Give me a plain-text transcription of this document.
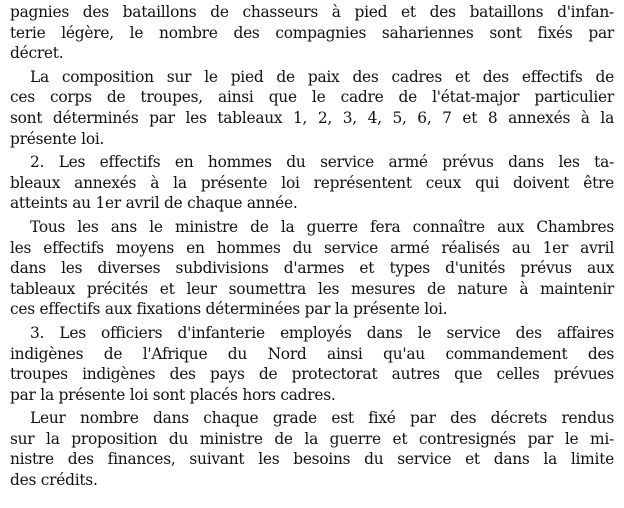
pagnies des bataillons de chasseurs à pied et des bataillons d'infan-
terie légère, le nombre des compagnies sahariennes sont fixés par
décret.

La composition sur le pied de paix des cadres et des effectifs de
ces corps de troupes, ainsi que le cadre de l'état-major particulier
sont déterminés par les tableaux 1, 2, 3, 4, 5, 6, 7 et 8 annexés à la
présente loi.

2. Les effectifs en hommes du service armé prévus dans les ta-
bleaux annexés à la présente loi représentent ceux qui doivent être
atteints au 1er avril de chaque année.

Tous les ans le ministre de la guerre fera connaître aux Chambres
les effectifs moyens en hommes du service armé réalisés au 1er avril
dans les diverses subdivisions d'armes et types d'unités prévus aux
tableaux précités et leur soumettra les mesures de nature à maintenir
ces effectifs aux fixations déterminées par la présente loi.

3. Les officiers d'infanterie employés dans le service des affaires
indigènes de l'Afrique du Nord ainsi qu'au commandement des
troupes indigènes des pays de protectorat autres que celles prévues
par la présente loi sont placés hors cadres.

Leur nombre dans chaque grade est fixé par des décrets rendus
sur la proposition du ministre de la guerre et contresignés par le mi-
nistre des finances, suivant les besoins du service et dans la limite
des crédits.
